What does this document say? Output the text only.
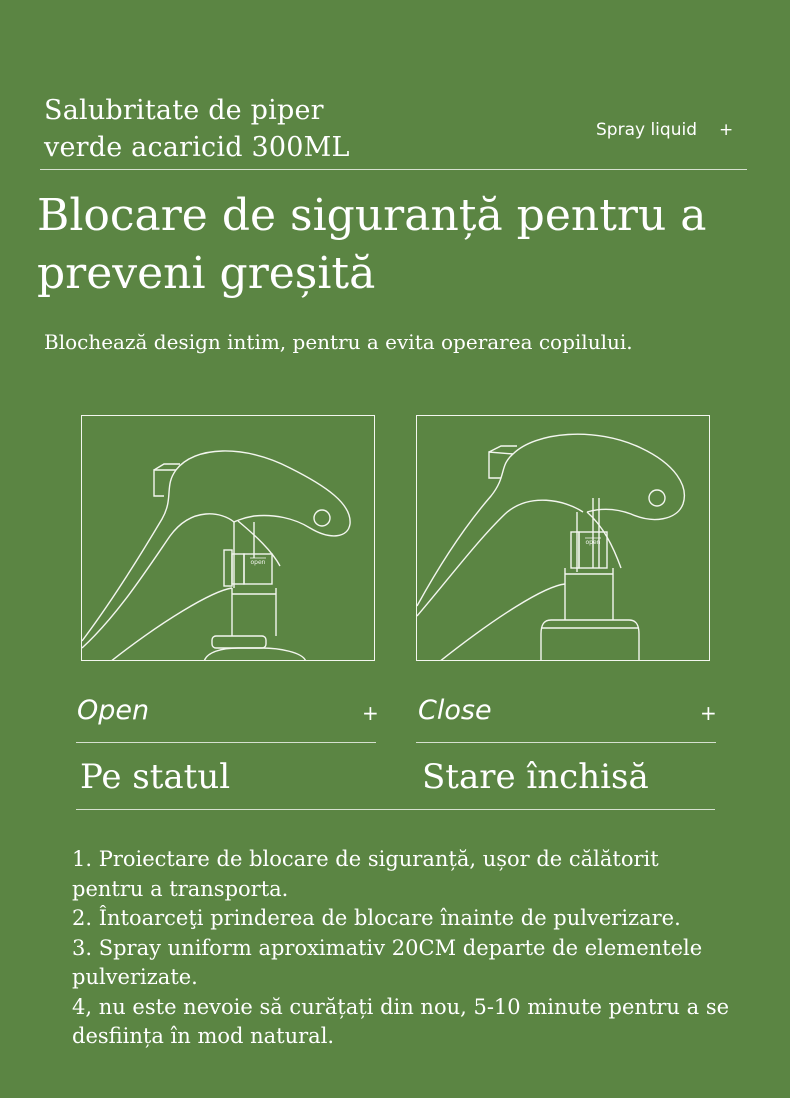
Salubritate de piper
verde acaricid 300ML
Spray liquid +
Blocare de siguranță pentru a
preveni greșită
Blochează design intim, pentru a evita operarea copilului.
open
open
Open	+
Pe statul
Close	+
Stare închisă
1. Proiectare de blocare de siguranță, ușor de călătorit pentru a transporta.
2. Întoarceţi prinderea de blocare înainte de pulverizare.
3. Spray uniform aproximativ 20CM departe de elementele pulverizate.
4, nu este nevoie să curățați din nou, 5-10 minute pentru a se desființa în mod natural.
